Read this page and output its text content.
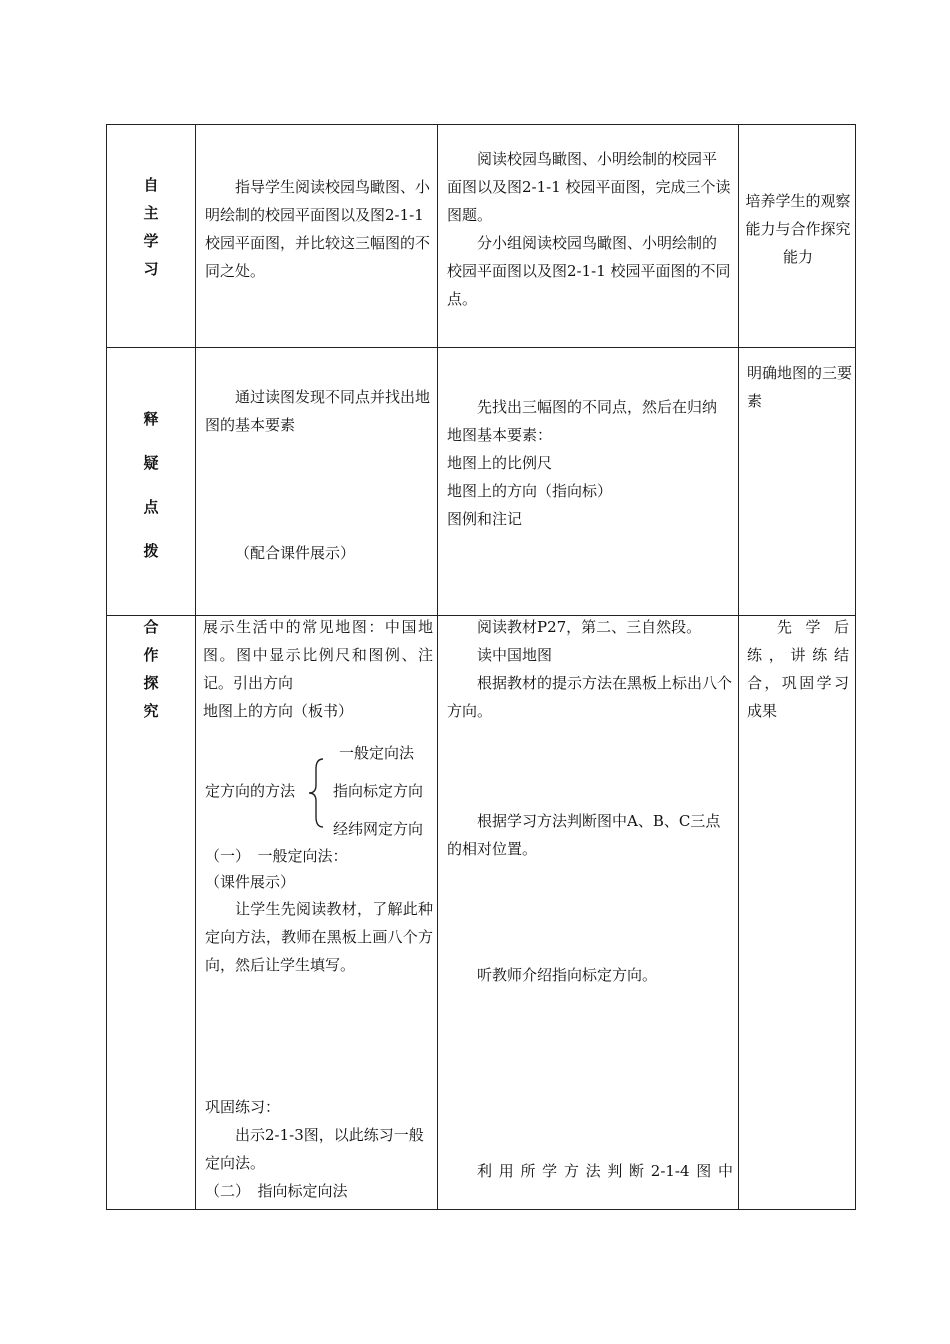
自
主
学
习

指导学生阅读校园鸟瞰图、小明绘制的校园平面图以及图2-1-1 校园平面图，并比较这三幅图的不同之处。

阅读校园鸟瞰图、小明绘制的校园平面图以及图2-1-1 校园平面图，完成三个读图题。

分小组阅读校园鸟瞰图、小明绘制的校园平面图以及图2-1-1 校园平面图的不同点。

培养学生的观察能力与合作探究能力

释
疑
点
拨

通过读图发现不同点并找出地图的基本要素

（配合课件展示）

先找出三幅图的不同点，然后在归纳地图基本要素：

地图上的比例尺

地图上的方向（指向标）

图例和注记

明确地图的三要素

合
作
探
究

展示生活中的常见地图：中国地图。图中显示比例尺和图例、注记。引出方向

地图上的方向（板书）

定方向的方法

一般定向法

指向标定方向

经纬网定方向

（一）　一般定向法：

（课件展示）

让学生先阅读教材，了解此种定向方法，教师在黑板上画八个方向，然后让学生填写。

巩固练习：

出示2-1-3图，以此练习一般定向法。

（二）　指向标定向法

阅读教材P27，第二、三自然段。

读中国地图

根据教材的提示方法在黑板上标出八个方向。

根据学习方法判断图中A、B、C三点的相对位置。

听教师介绍指向标定方向。

利用所学方法判断2-1-4图中

先学后练，讲练结合，巩固学习成果
